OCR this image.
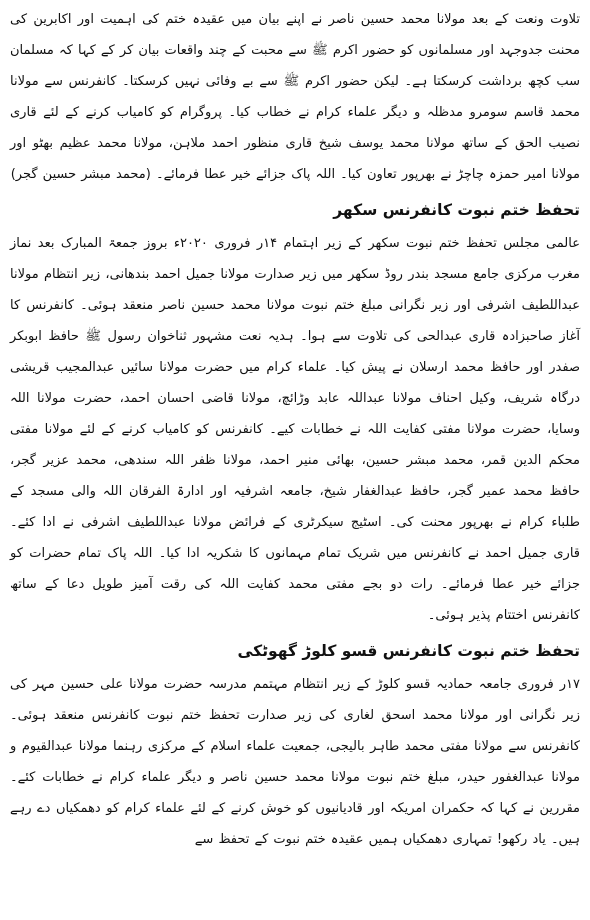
تلاوت ونعت کے بعد مولانا محمد حسین ناصر نے اپنے بیان میں عقیدہ ختم کی اہمیت اور اکابرین کی محنت جدوجہد اور مسلمانوں کو حضور اکرم ﷺ سے محبت کے چند واقعات بیان کر کے کہا کہ مسلمان سب کچھ برداشت کرسکتا ہے۔ لیکن حضور اکرم ﷺ سے بے وفائی نہیں کرسکتا۔ کانفرنس سے مولانا محمد قاسم سومرو مدظلہ و دیگر علماء کرام نے خطاب کیا۔ پروگرام کو کامیاب کرنے کے لئے قاری نصیب الحق کے ساتھ مولانا محمد یوسف شیخ قاری منظور احمد ملاہن، مولانا محمد عظیم بھٹو اور مولانا امیر حمزہ چاچڑ نے بھرپور تعاون کیا۔ اللہ پاک جزائے خیر عطا فرمائے۔ (محمد مبشر حسین گجر)

تحفظ ختم نبوت کانفرنس سکھر

عالمی مجلس تحفظ ختم نبوت سکھر کے زیر اہتمام ۱۴ر فروری ۲۰۲۰ء بروز جمعۃ المبارک بعد نماز مغرب مرکزی جامع مسجد بندر روڈ سکھر میں زیر صدارت مولانا جمیل احمد بندھانی، زیر انتظام مولانا عبداللطیف اشرفی اور زیر نگرانی مبلغ ختم نبوت مولانا محمد حسین ناصر منعقد ہوئی۔ کانفرنس کا آغاز صاحبزادہ قاری عبدالحی کی تلاوت سے ہوا۔ ہدیہ نعت مشہور ثناخوان رسول ﷺ حافظ ابوبکر صفدر اور حافظ محمد ارسلان نے پیش کیا۔ علماء کرام میں حضرت مولانا سائیں عبدالمجیب قریشی درگاہ شریف، وکیل احناف مولانا عبداللہ عابد وڑائچ، مولانا قاضی احسان احمد، حضرت مولانا اللہ وسایا، حضرت مولانا مفتی کفایت اللہ نے خطابات کیے۔ کانفرنس کو کامیاب کرنے کے لئے مولانا مفتی محکم الدین قمر، محمد مبشر حسین، بھائی منیر احمد، مولانا ظفر اللہ سندھی، محمد عزیر گجر، حافظ محمد عمیر گجر، حافظ عبدالغفار شیخ، جامعہ اشرفیہ اور ادارۃ الفرقان اللہ والی مسجد کے طلباء کرام نے بھرپور محنت کی۔ اسٹیج سیکرٹری کے فرائض مولانا عبداللطیف اشرفی نے ادا کئے۔ قاری جمیل احمد نے کانفرنس میں شریک تمام مہمانوں کا شکریہ ادا کیا۔ اللہ پاک تمام حضرات کو جزائے خیر عطا فرمائے۔ رات دو بجے مفتی محمد کفایت اللہ کی رقت آمیز طویل دعا کے ساتھ کانفرنس اختتام پذیر ہوئی۔

تحفظ ختم نبوت کانفرنس قسو کلوڑ گھوٹکی

۱۷ر فروری جامعہ حمادیہ قسو کلوڑ کے زیر انتظام مہتمم مدرسہ حضرت مولانا علی حسین مہر کی زیر نگرانی اور مولانا محمد اسحق لغاری کی زیر صدارت تحفظ ختم نبوت کانفرنس منعقد ہوئی۔ کانفرنس سے مولانا مفتی محمد طاہر بالیجی، جمعیت علماء اسلام کے مرکزی رہنما مولانا عبدالقیوم و مولانا عبدالغفور حیدر، مبلغ ختم نبوت مولانا محمد حسین ناصر و دیگر علماء کرام نے خطابات کئے۔ مقررین نے کہا کہ حکمران امریکہ اور قادیانیوں کو خوش کرنے کے لئے علماء کرام کو دھمکیاں دے رہے ہیں۔ یاد رکھو! تمہاری دھمکیاں ہمیں عقیدہ ختم نبوت کے تحفظ سے
